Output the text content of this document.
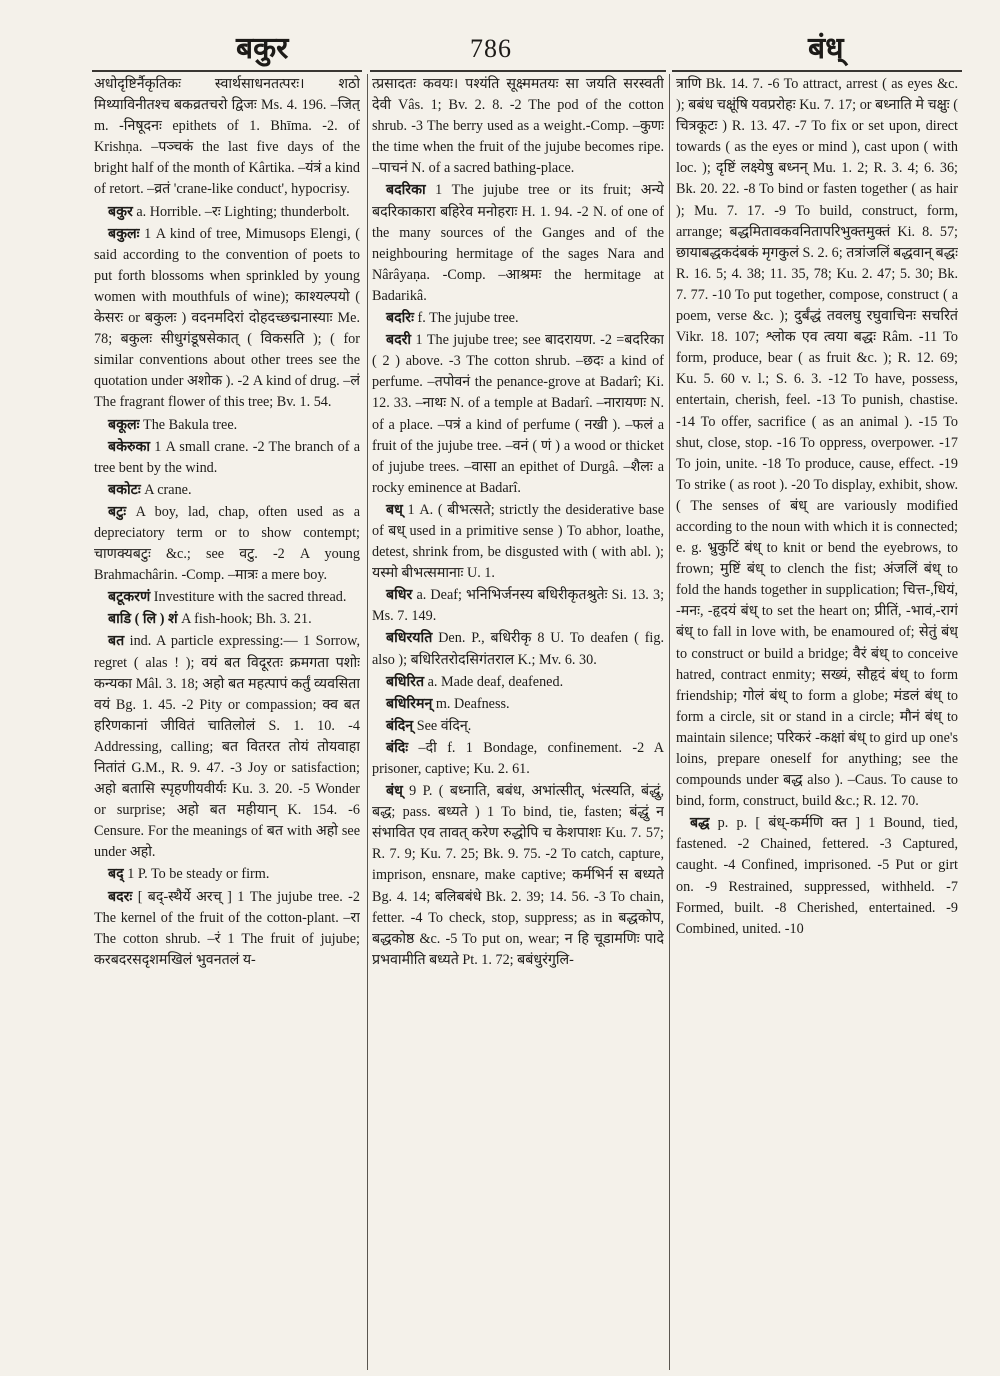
बकुर	786	बंध्

अधोदृष्टिर्नैकृतिकः स्वार्थसाधनतत्परः। शठो मिथ्याविनीतश्च बकव्रतचरो द्विजः Ms. 4. 196. –जित् m. -निषूदनः epithets of 1. Bhīma. -2. of Krishṇa. –पञ्चकं the last five days of the bright half of the month of Kârtika. –यंत्रं a kind of retort. –व्रतं 'crane-like conduct', hypocrisy.

बकुर a. Horrible. –रः Lighting; thunderbolt.

बकुलः 1 A kind of tree, Mimusops Elengi, ( said according to the convention of poets to put forth blossoms when sprinkled by young women with mouthfuls of wine); काश्यल्पयो ( केसरः or बकुलः ) वदनमदिरां दोहदच्छद्मनास्याः Me. 78; बकुलः सीधुगंडूषसेकात् ( विकसति ); ( for similar conventions about other trees see the quotation under अशोक ). -2 A kind of drug. –लं The fragrant flower of this tree; Bv. 1. 54.

बकूलः The Bakula tree.

बकेरुका 1 A small crane. -2 The branch of a tree bent by the wind.

बकोटः A crane.

बटुः A boy, lad, chap, often used as a depreciatory term or to show contempt; चाणक्यबटुः &c.; see वटु. -2 A young Brahmachârin. -Comp. –मात्रः a mere boy.

बटूकरणं Investiture with the sacred thread.

बाडि ( लि ) शं A fish-hook; Bh. 3. 21.

बत ind. A particle expressing:— 1 Sorrow, regret ( alas ! ); वयं बत विदूरतः क्रमगता पशोः कन्यका Mâl. 3. 18; अहो बत महत्पापं कर्तुं व्यवसिता वयं Bg. 1. 45. -2 Pity or compassion; क्व बत हरिणकानां जीवितं चातिलोलं S. 1. 10. -4 Addressing, calling; बत वितरत तोयं तोयवाहा नितांतं G.M., R. 9. 47. -3 Joy or satisfaction; अहो बतासि स्पृहणीयवीर्यः Ku. 3. 20. -5 Wonder or surprise; अहो बत महीयान् K. 154. -6 Censure. For the meanings of बत with अहो see under अहो.

बद् 1 P. To be steady or firm.

बदरः [ बद्-स्थैर्ये अरच् ] 1 The jujube tree. -2 The kernel of the fruit of the cotton-plant. –रा The cotton shrub. –रं 1 The fruit of jujube; करबदरसदृशमखिलं भुवनतलं य-

त्प्रसादतः कवयः। पश्यंति सूक्ष्ममतयः सा जयति सरस्वती देवी Vâs. 1; Bv. 2. 8. -2 The pod of the cotton shrub. -3 The berry used as a weight.-Comp. –कुणः the time when the fruit of the jujube becomes ripe. –पाचनं N. of a sacred bathing-place.

बदरिका 1 The jujube tree or its fruit; अन्ये बदरिकाकारा बहिरेव मनोहराः H. 1. 94. -2 N. of one of the many sources of the Ganges and of the neighbouring hermitage of the sages Nara and Nârâyaṇa. -Comp. –आश्रमः the hermitage at Badarikâ.

बदरिः f. The jujube tree.

बदरी 1 The jujube tree; see बादरायण. -2 =बदरिका ( 2 ) above. -3 The cotton shrub. –छदः a kind of perfume. –तपोवनं the penance-grove at Badarî; Ki. 12. 33. –नाथः N. of a temple at Badarî. –नारायणः N. of a place. –पत्रं a kind of perfume ( नखी ). –फलं a fruit of the jujube tree. –वनं ( णं ) a wood or thicket of jujube trees. –वासा an epithet of Durgâ. –शैलः a rocky eminence at Badarî.

बध् 1 A. ( बीभत्सते; strictly the desiderative base of बध् used in a primitive sense ) To abhor, loathe, detest, shrink from, be disgusted with ( with abl. ); यस्मो बीभत्समानाः U. 1.

बधिर a. Deaf; भनिभिर्जनस्य बधिरीकृतश्रुतेः Si. 13. 3; Ms. 7. 149.

बधिरयति Den. P., बधिरीकृ 8 U. To deafen ( fig. also ); बधिरितरोदसिगंतराल K.; Mv. 6. 30.

बधिरित a. Made deaf, deafened.

बधिरिमन् m. Deafness.

बंदिन् See वंदिन्.

बंदिः –दी f. 1 Bondage, confinement. -2 A prisoner, captive; Ku. 2. 61.

बंध् 9 P. ( बध्नाति, बबंध, अभांत्सीत्, भंत्स्यति, बंद्धुं, बद्ध; pass. बध्यते ) 1 To bind, tie, fasten; बंद्धुं न संभावित एव तावत् करेण रुद्धोपि च केशपाशः Ku. 7. 57; R. 7. 9; Ku. 7. 25; Bk. 9. 75. -2 To catch, capture, imprison, ensnare, make captive; कर्मभिर्न स बध्यते Bg. 4. 14; बलिबबंधे Bk. 2. 39; 14. 56. -3 To chain, fetter. -4 To check, stop, suppress; as in बद्धकोप, बद्धकोष्ठ &c. -5 To put on, wear; न हि चूडामणिः पादे प्रभवामीति बध्यते Pt. 1. 72; बबंधुरंगुलि-

त्राणि Bk. 14. 7. -6 To attract, arrest ( as eyes &c. ); बबंध चक्षूंषि यवप्ररोहः Ku. 7. 17; or बध्नाति मे चक्षुः ( चित्रकूटः ) R. 13. 47. -7 To fix or set upon, direct towards ( as the eyes or mind ), cast upon ( with loc. ); दृष्टिं लक्ष्येषु बध्नन् Mu. 1. 2; R. 3. 4; 6. 36; Bk. 20. 22. -8 To bind or fasten together ( as hair ); Mu. 7. 17. -9 To build, construct, form, arrange; बद्धमितावकवनितापरिभुक्तमुक्तं Ki. 8. 57; छायाबद्धकदंबकं मृगकुलं S. 2. 6; तत्रांजलिं बद्धवान् बद्धः R. 16. 5; 4. 38; 11. 35, 78; Ku. 2. 47; 5. 30; Bk. 7. 77. -10 To put together, compose, construct ( a poem, verse &c. ); दुर्बंद्धं तवलघु रघुवाचिनः सचरितं Vikr. 18. 107; श्लोक एव त्वया बद्धः Râm. -11 To form, produce, bear ( as fruit &c. ); R. 12. 69; Ku. 5. 60 v. l.; S. 6. 3. -12 To have, possess, entertain, cherish, feel. -13 To punish, chastise. -14 To offer, sacrifice ( as an animal ). -15 To shut, close, stop. -16 To oppress, overpower. -17 To join, unite. -18 To produce, cause, effect. -19 To strike ( as root ). -20 To display, exhibit, show. ( The senses of बंध् are variously modified according to the noun with which it is connected; e. g. भ्रुकुटिं बंध् to knit or bend the eyebrows, to frown; मुष्टिं बंध् to clench the fist; अंजलिं बंध् to fold the hands together in supplication; चित्त-,धियं, -मनः, -हृदयं बंध् to set the heart on; प्रीतिं, -भावं,-रागं बंध् to fall in love with, be enamoured of; सेतुं बंध् to construct or build a bridge; वैरं बंध् to conceive hatred, contract enmity; सख्यं, सौहृदं बंध् to form friendship; गोलं बंध् to form a globe; मंडलं बंध् to form a circle, sit or stand in a circle; मौनं बंध् to maintain silence; परिकरं -कक्षां बंध् to gird up one's loins, prepare oneself for anything; see the compounds under बद्ध also ). –Caus. To cause to bind, form, construct, build &c.; R. 12. 70.

बद्ध p. p. [ बंध्-कर्मणि क्त ] 1 Bound, tied, fastened. -2 Chained, fettered. -3 Captured, caught. -4 Confined, imprisoned. -5 Put or girt on. -9 Restrained, suppressed, withheld. -7 Formed, built. -8 Cherished, entertained. -9 Combined, united. -10
